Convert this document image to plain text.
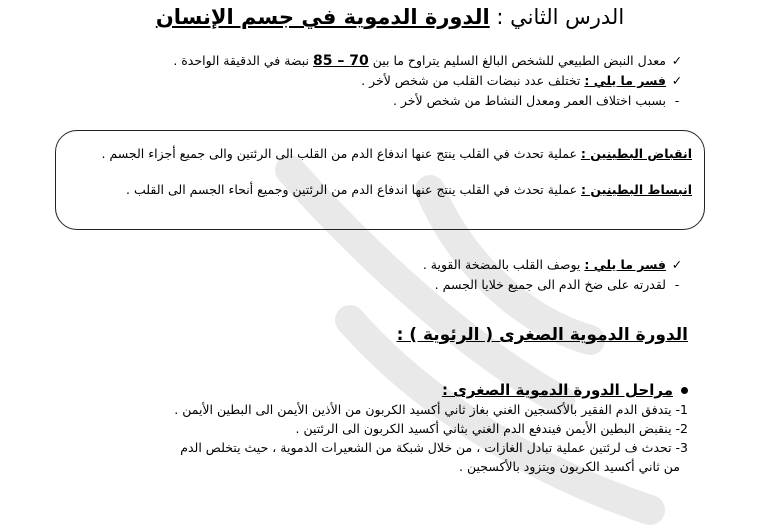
الدرس الثاني : الدورة الدموية في جسم الإنسان
✓معدل النبض الطبيعي للشخص البالغ السليم يتراوح ما بين 70 – 85 نبضة في الدقيقة الواحدة .
✓فسر ما يلي : تختلف عدد نبضات القلب من شخص لأخر .
-بسبب اختلاف العمر ومعدل النشاط من شخص لأخر .
انقباض البطينين : عملية تحدث في القلب ينتج عنها اندفاع الدم من القلب الى الرئتين والى جميع أجزاء الجسم .
انبساط البطينين : عملية تحدث في القلب ينتج عنها اندفاع الدم من الرئتين وجميع أنحاء الجسم الى القلب .
✓فسر ما يلي : يوصف القلب بالمضخة القوية .
-لقدرته على ضخ الدم الى جميع خلايا الجسم .
الدورة الدموية الصغرى ( الرئوية ) :
مراحل الدورة الدموية الصغرى :
1- يتدفق الدم الفقير بالأكسجين الغني بغاز ثاني أكسيد الكربون من الأذين الأيمن الى البطين الأيمن .
2- ينقبض البطين الأيمن فيندفع الدم الغني بثاني أكسيد الكربون الى الرئتين .
3- تحدث ف لرئتين عملية تبادل الغازات ، من خلال شبكة من الشعيرات الدموية ، حيث يتخلص الدم
من ثاني أكسيد الكربون ويتزود بالأكسجين .
